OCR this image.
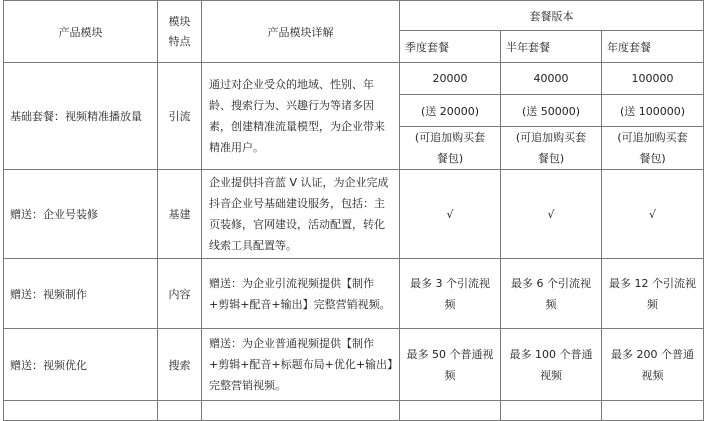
产品模块	模块特点	产品模块详解	套餐版本		
			季度套餐	半年套餐	年度套餐
基础套餐：视频精准播放量	引流	通过对企业受众的地域、性别、年龄、搜索行为、兴趣行为等诸多因素，创建精准流量模型，为企业带来精准用户。	20000	40000	100000
			(送 20000)	(送 50000)	(送 100000)
			(可追加购买套餐包)	(可追加购买套餐包)	(可追加购买套餐包)
赠送：企业号装修	基建	企业提供抖音蓝 V 认证，为企业完成抖音企业号基础建设服务，包括：主页装修，官网建设，活动配置，转化线索工具配置等。	√	√	√
赠送：视频制作	内容	赠送：为企业引流视频提供【制作+剪辑+配音+输出】完整营销视频。	最多 3 个引流视频	最多 6 个引流视频	最多 12 个引流视频
赠送：视频优化	搜索	赠送：为企业普通视频提供【制作+剪辑+配音+标题布局+优化+输出】完整营销视频。	最多 50 个普通视频	最多 100 个普通视频	最多 200 个普通视频
